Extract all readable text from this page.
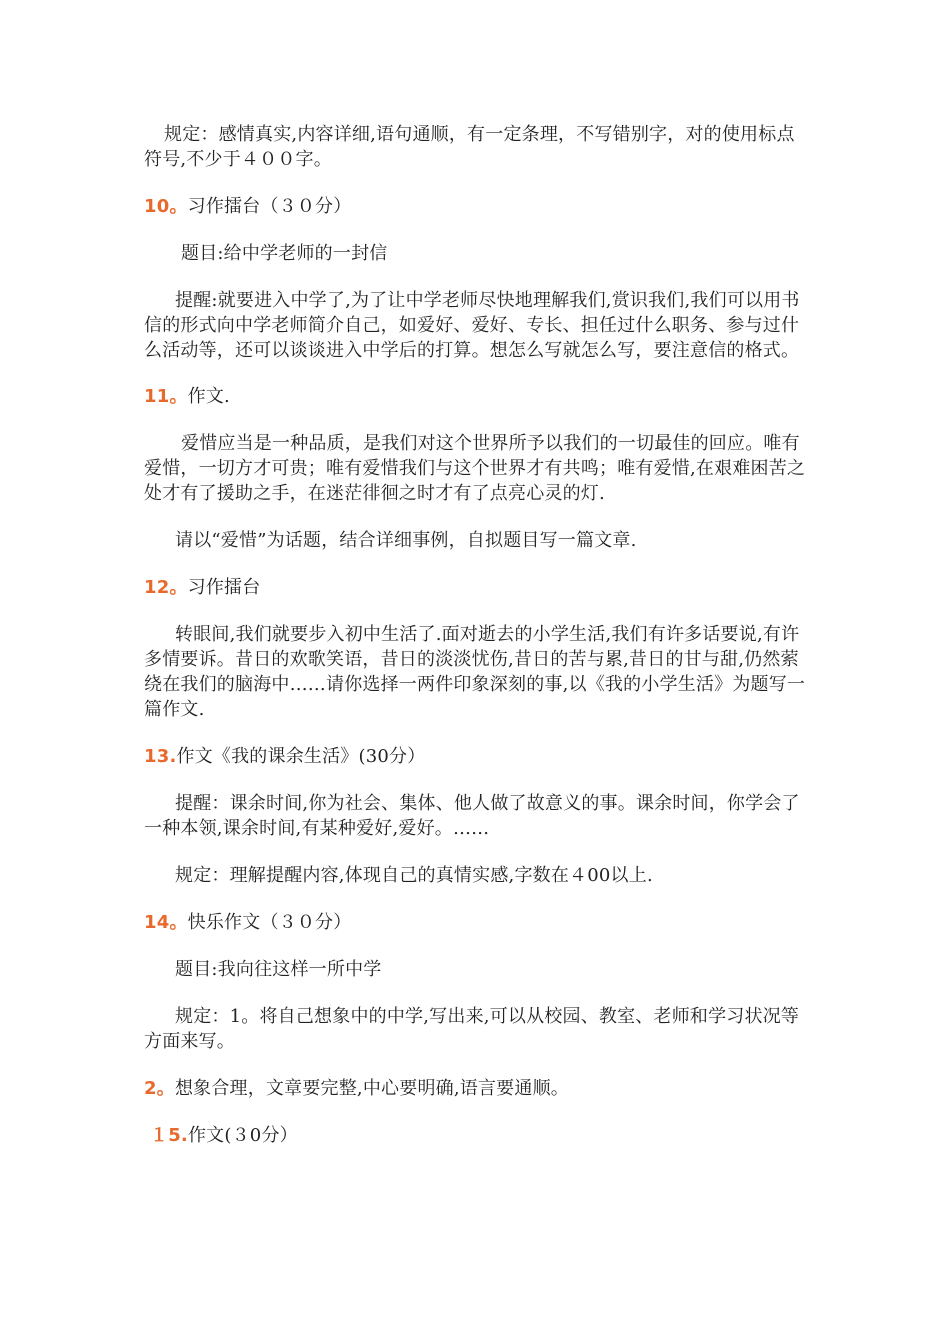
规定：感情真实,内容详细,语句通顺，有一定条理，不写错别字，对的使用标点符号,不少于４００字。

10。习作擂台（３０分）

题目:给中学老师的一封信

提醒:就要进入中学了,为了让中学老师尽快地理解我们,赏识我们,我们可以用书信的形式向中学老师简介自己，如爱好、爱好、专长、担任过什么职务、参与过什么活动等，还可以谈谈进入中学后的打算。想怎么写就怎么写，要注意信的格式。

11。作文.

爱惜应当是一种品质，是我们对这个世界所予以我们的一切最佳的回应。唯有爱惜，一切方才可贵；唯有爱惜我们与这个世界才有共鸣；唯有爱惜,在艰难困苦之处才有了援助之手，在迷茫徘徊之时才有了点亮心灵的灯.

请以“爱惜”为话题，结合详细事例，自拟题目写一篇文章.

12。习作擂台

转眼间,我们就要步入初中生活了.面对逝去的小学生活,我们有许多话要说,有许多情要诉。昔日的欢歌笑语，昔日的淡淡忧伤,昔日的苦与累,昔日的甘与甜,仍然萦绕在我们的脑海中……请你选择一两件印象深刻的事,以《我的小学生活》为题写一篇作文.

13.作文《我的课余生活》(30分）

提醒：课余时间,你为社会、集体、他人做了故意义的事。课余时间，你学会了一种本领,课余时间,有某种爱好,爱好。……

规定：理解提醒内容,体现自己的真情实感,字数在４00以上.

14。快乐作文（３０分）

题目:我向往这样一所中学

规定：1。将自己想象中的中学,写出来,可以从校园、教室、老师和学习状况等方面来写。

2。想象合理，文章要完整,中心要明确,语言要通顺。

１5.作文(３0分）
